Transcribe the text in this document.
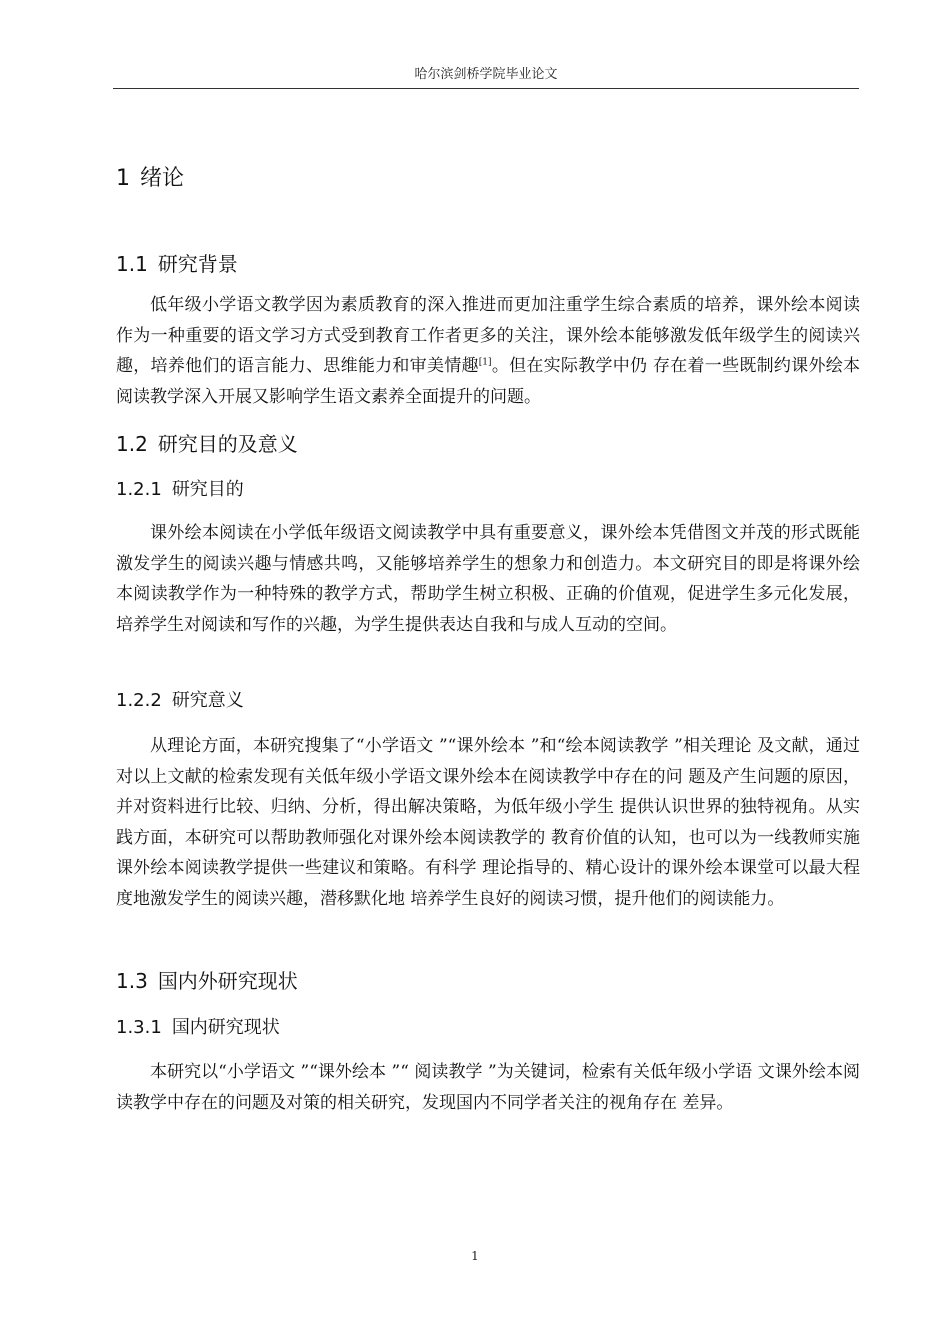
哈尔滨剑桥学院毕业论文
1 绪论
1.1 研究背景

低年级小学语文教学因为素质教育的深入推进而更加注重学生综合素质的培养，课外绘本阅读作为一种重要的语文学习方式受到教育工作者更多的关注，课外绘本能够激发低年级学生的阅读兴趣，培养他们的语言能力、思维能力和审美情趣[1]。但在实际教学中仍 存在着一些既制约课外绘本阅读教学深入开展又影响学生语文素养全面提升的问题。

1.2 研究目的及意义
1.2.1 研究目的

课外绘本阅读在小学低年级语文阅读教学中具有重要意义，课外绘本凭借图文并茂的形式既能激发学生的阅读兴趣与情感共鸣，又能够培养学生的想象力和创造力。本文研究目的即是将课外绘本阅读教学作为一种特殊的教学方式，帮助学生树立积极、正确的价值观，促进学生多元化发展，培养学生对阅读和写作的兴趣，为学生提供表达自我和与成人互动的空间。

1.2.2 研究意义

从理论方面，本研究搜集了“小学语文 ”“课外绘本 ”和“绘本阅读教学 ”相关理论 及文献，通过对以上文献的检索发现有关低年级小学语文课外绘本在阅读教学中存在的问 题及产生问题的原因，并对资料进行比较、归纳、分析，得出解决策略，为低年级小学生 提供认识世界的独特视角。从实践方面，本研究可以帮助教师强化对课外绘本阅读教学的 教育价值的认知，也可以为一线教师实施课外绘本阅读教学提供一些建议和策略。有科学 理论指导的、精心设计的课外绘本课堂可以最大程度地激发学生的阅读兴趣，潜移默化地 培养学生良好的阅读习惯，提升他们的阅读能力。

1.3 国内外研究现状
1.3.1 国内研究现状

本研究以“小学语文 ”“课外绘本 ”“ 阅读教学 ”为关键词，检索有关低年级小学语 文课外绘本阅读教学中存在的问题及对策的相关研究，发现国内不同学者关注的视角存在 差异。

1
